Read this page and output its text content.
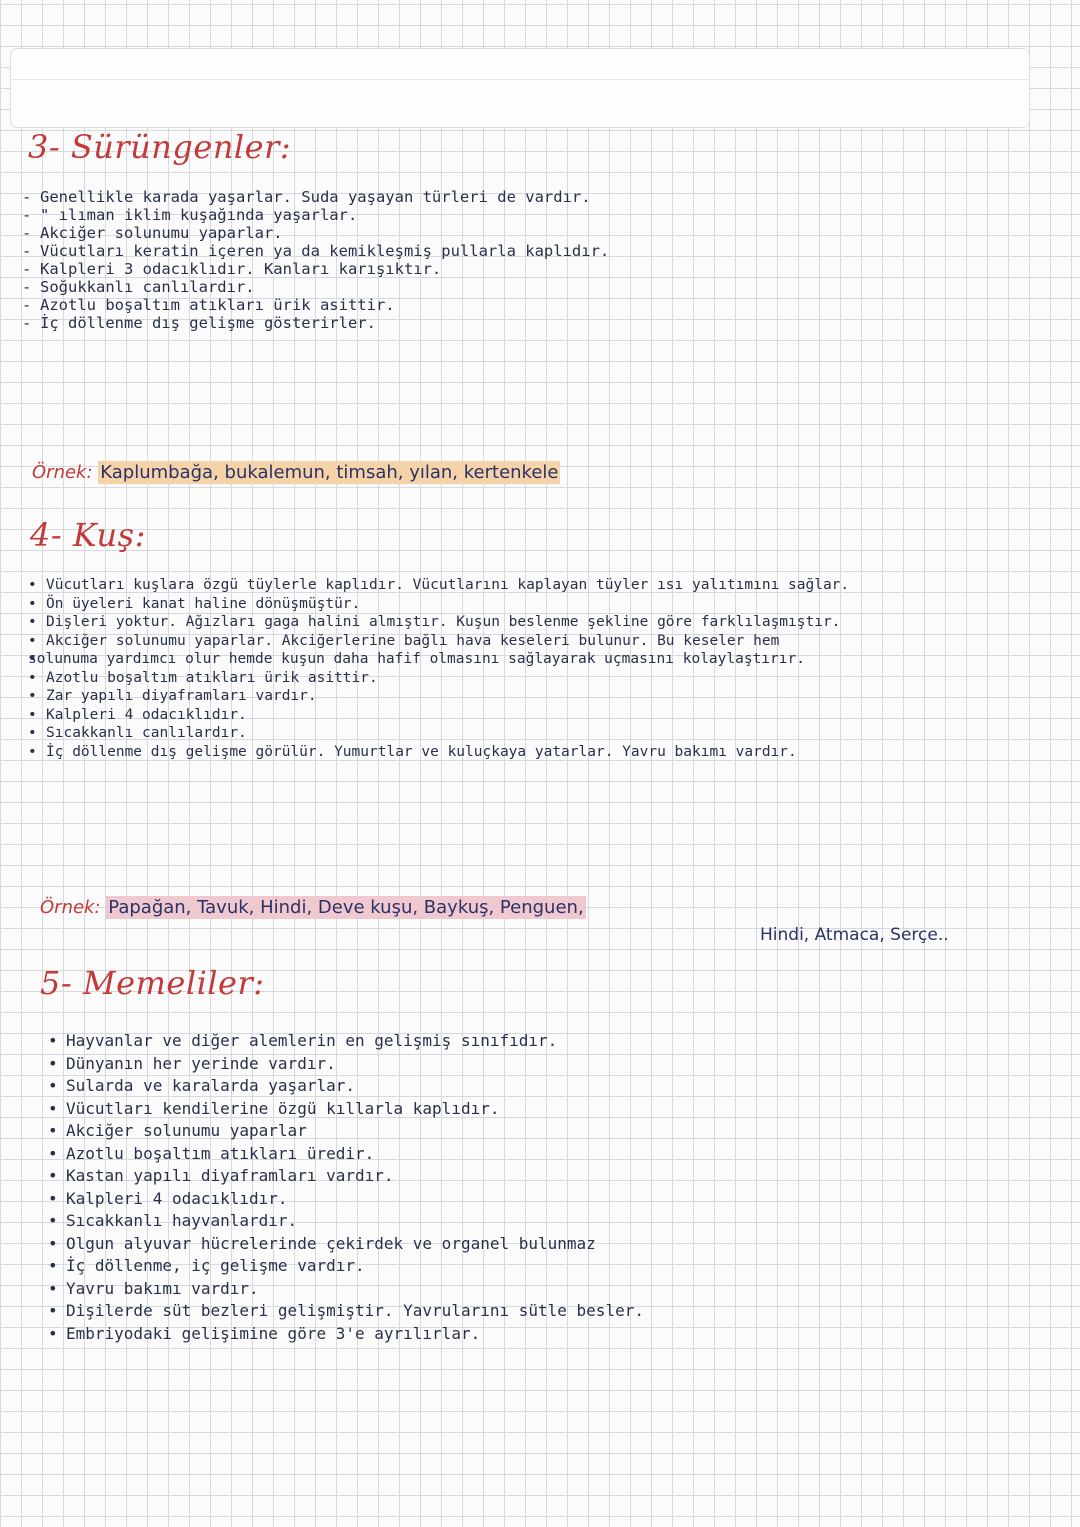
3- Sürüngenler:
- Genellikle karada yaşarlar. Suda yaşayan türleri de vardır.
- " ılıman iklim kuşağında yaşarlar.
- Akciğer solunumu yaparlar.
- Vücutları keratin içeren ya da kemikleşmiş pullarla kaplıdır.
- Kalpleri 3 odacıklıdır. Kanları karışıktır.
- Soğukkanlı canlılardır.
- Azotlu boşaltım atıkları ürik asittir.
- İç döllenme dış gelişme gösterirler.
Örnek: Kaplumbağa, bukalemun, timsah, yılan, kertenkele
4- Kuş:
• Vücutları kuşlara özgü tüylerle kaplıdır. Vücutlarını kaplayan tüyler ısı yalıtımını sağlar.
• Ön üyeleri kanat haline dönüşmüştür.
• Dişleri yoktur. Ağızları gaga halini almıştır. Kuşun beslenme şekline göre farklılaşmıştır.
• Akciğer solunumu yaparlar. Akciğerlerine bağlı hava keseleri bulunur. Bu keseler hem
• solunuma yardımcı olur hemde kuşun daha hafif olmasını sağlayarak uçmasını kolaylaştırır.
• Azotlu boşaltım atıkları ürik asittir.
• Zar yapılı diyaframları vardır.
• Kalpleri 4 odacıklıdır.
• Sıcakkanlı canlılardır.
• İç döllenme dış gelişme görülür. Yumurtlar ve kuluçkaya yatarlar. Yavru bakımı vardır.
Örnek: Papağan, Tavuk, Hindi, Deve kuşu, Baykuş, Penguen,
Hindi, Atmaca, Serçe..
5- Memeliler:
• Hayvanlar ve diğer alemlerin en gelişmiş sınıfıdır.
• Dünyanın her yerinde vardır.
• Sularda ve karalarda yaşarlar.
• Vücutları kendilerine özgü kıllarla kaplıdır.
• Akciğer solunumu yaparlar
• Azotlu boşaltım atıkları üredir.
• Kastan yapılı diyaframları vardır.
• Kalpleri 4 odacıklıdır.
• Sıcakkanlı hayvanlardır.
• Olgun alyuvar hücrelerinde çekirdek ve organel bulunmaz
• İç döllenme, iç gelişme vardır.
• Yavru bakımı vardır.
• Dişilerde süt bezleri gelişmiştir. Yavrularını sütle besler.
• Embriyodaki gelişimine göre 3'e ayrılırlar.
